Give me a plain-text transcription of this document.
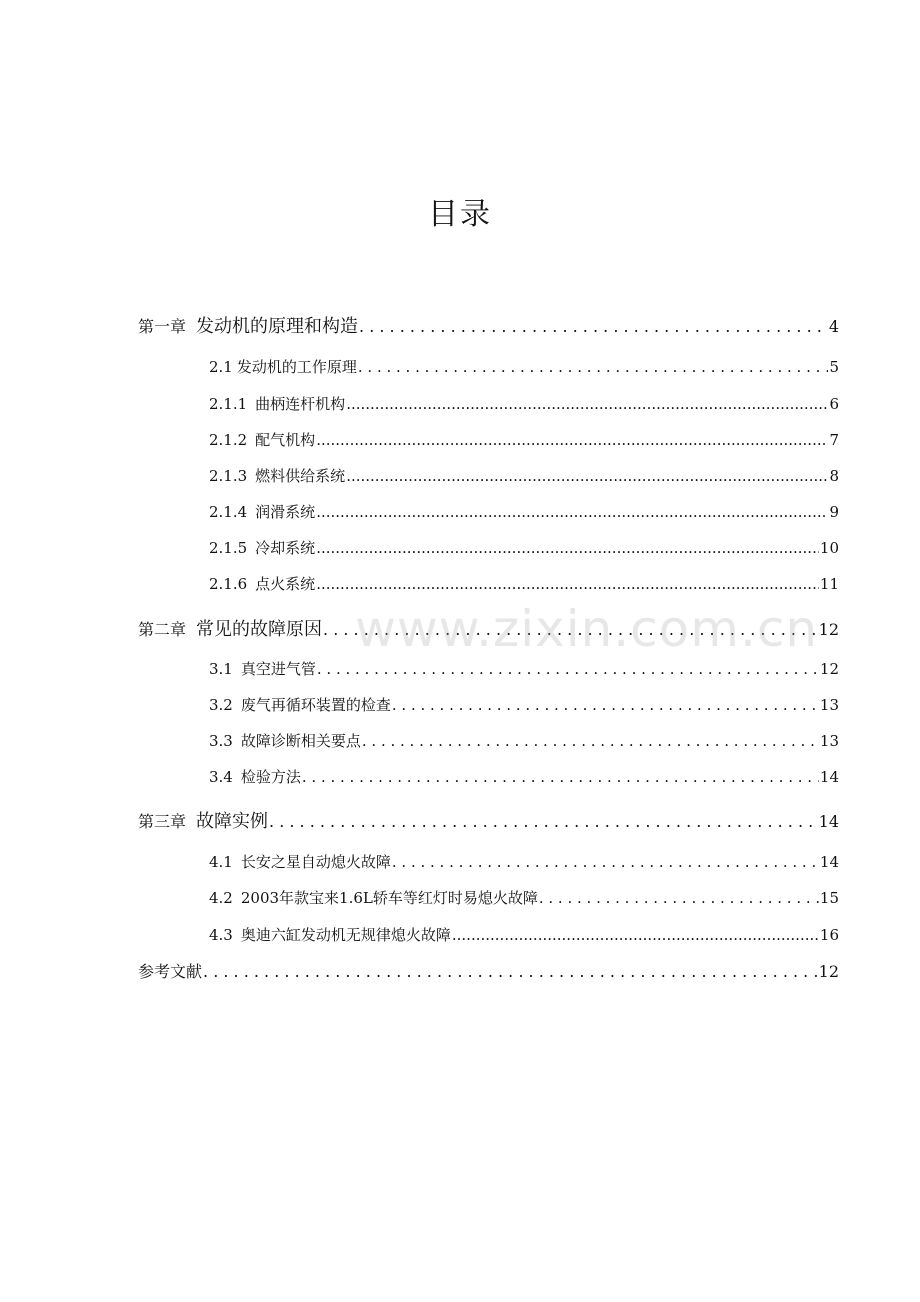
目录
第一章 发动机的原理和构造 . . .	4
2.1 发动机的工作原理 . . .	5
2.1.1 曲柄连杆机构 .....	6
2.1.2 配气机构 .....	7
2.1.3 燃料供给系统 .....	8
2.1.4 润滑系统 .....	9
2.1.5 冷却系统 .....	10
2.1.6 点火系统 .....	11
第二章 常见的故障原因 . . .	12
3.1 真空进气管 . . .	12
3.2 废气再循环装置的检查 . . .	13
3.3 故障诊断相关要点 . . .	13
3.4 检验方法 . . .	14
第三章 故障实例 . . .	14
4.1 长安之星自动熄火故障 . . .	14
4.2 2003年款宝来1.6L轿车等红灯时易熄火故障 . . .	15
4.3 奥迪六缸发动机无规律熄火故障 .....	16
参考文献 . . .	12
www.zixin.com.cn
